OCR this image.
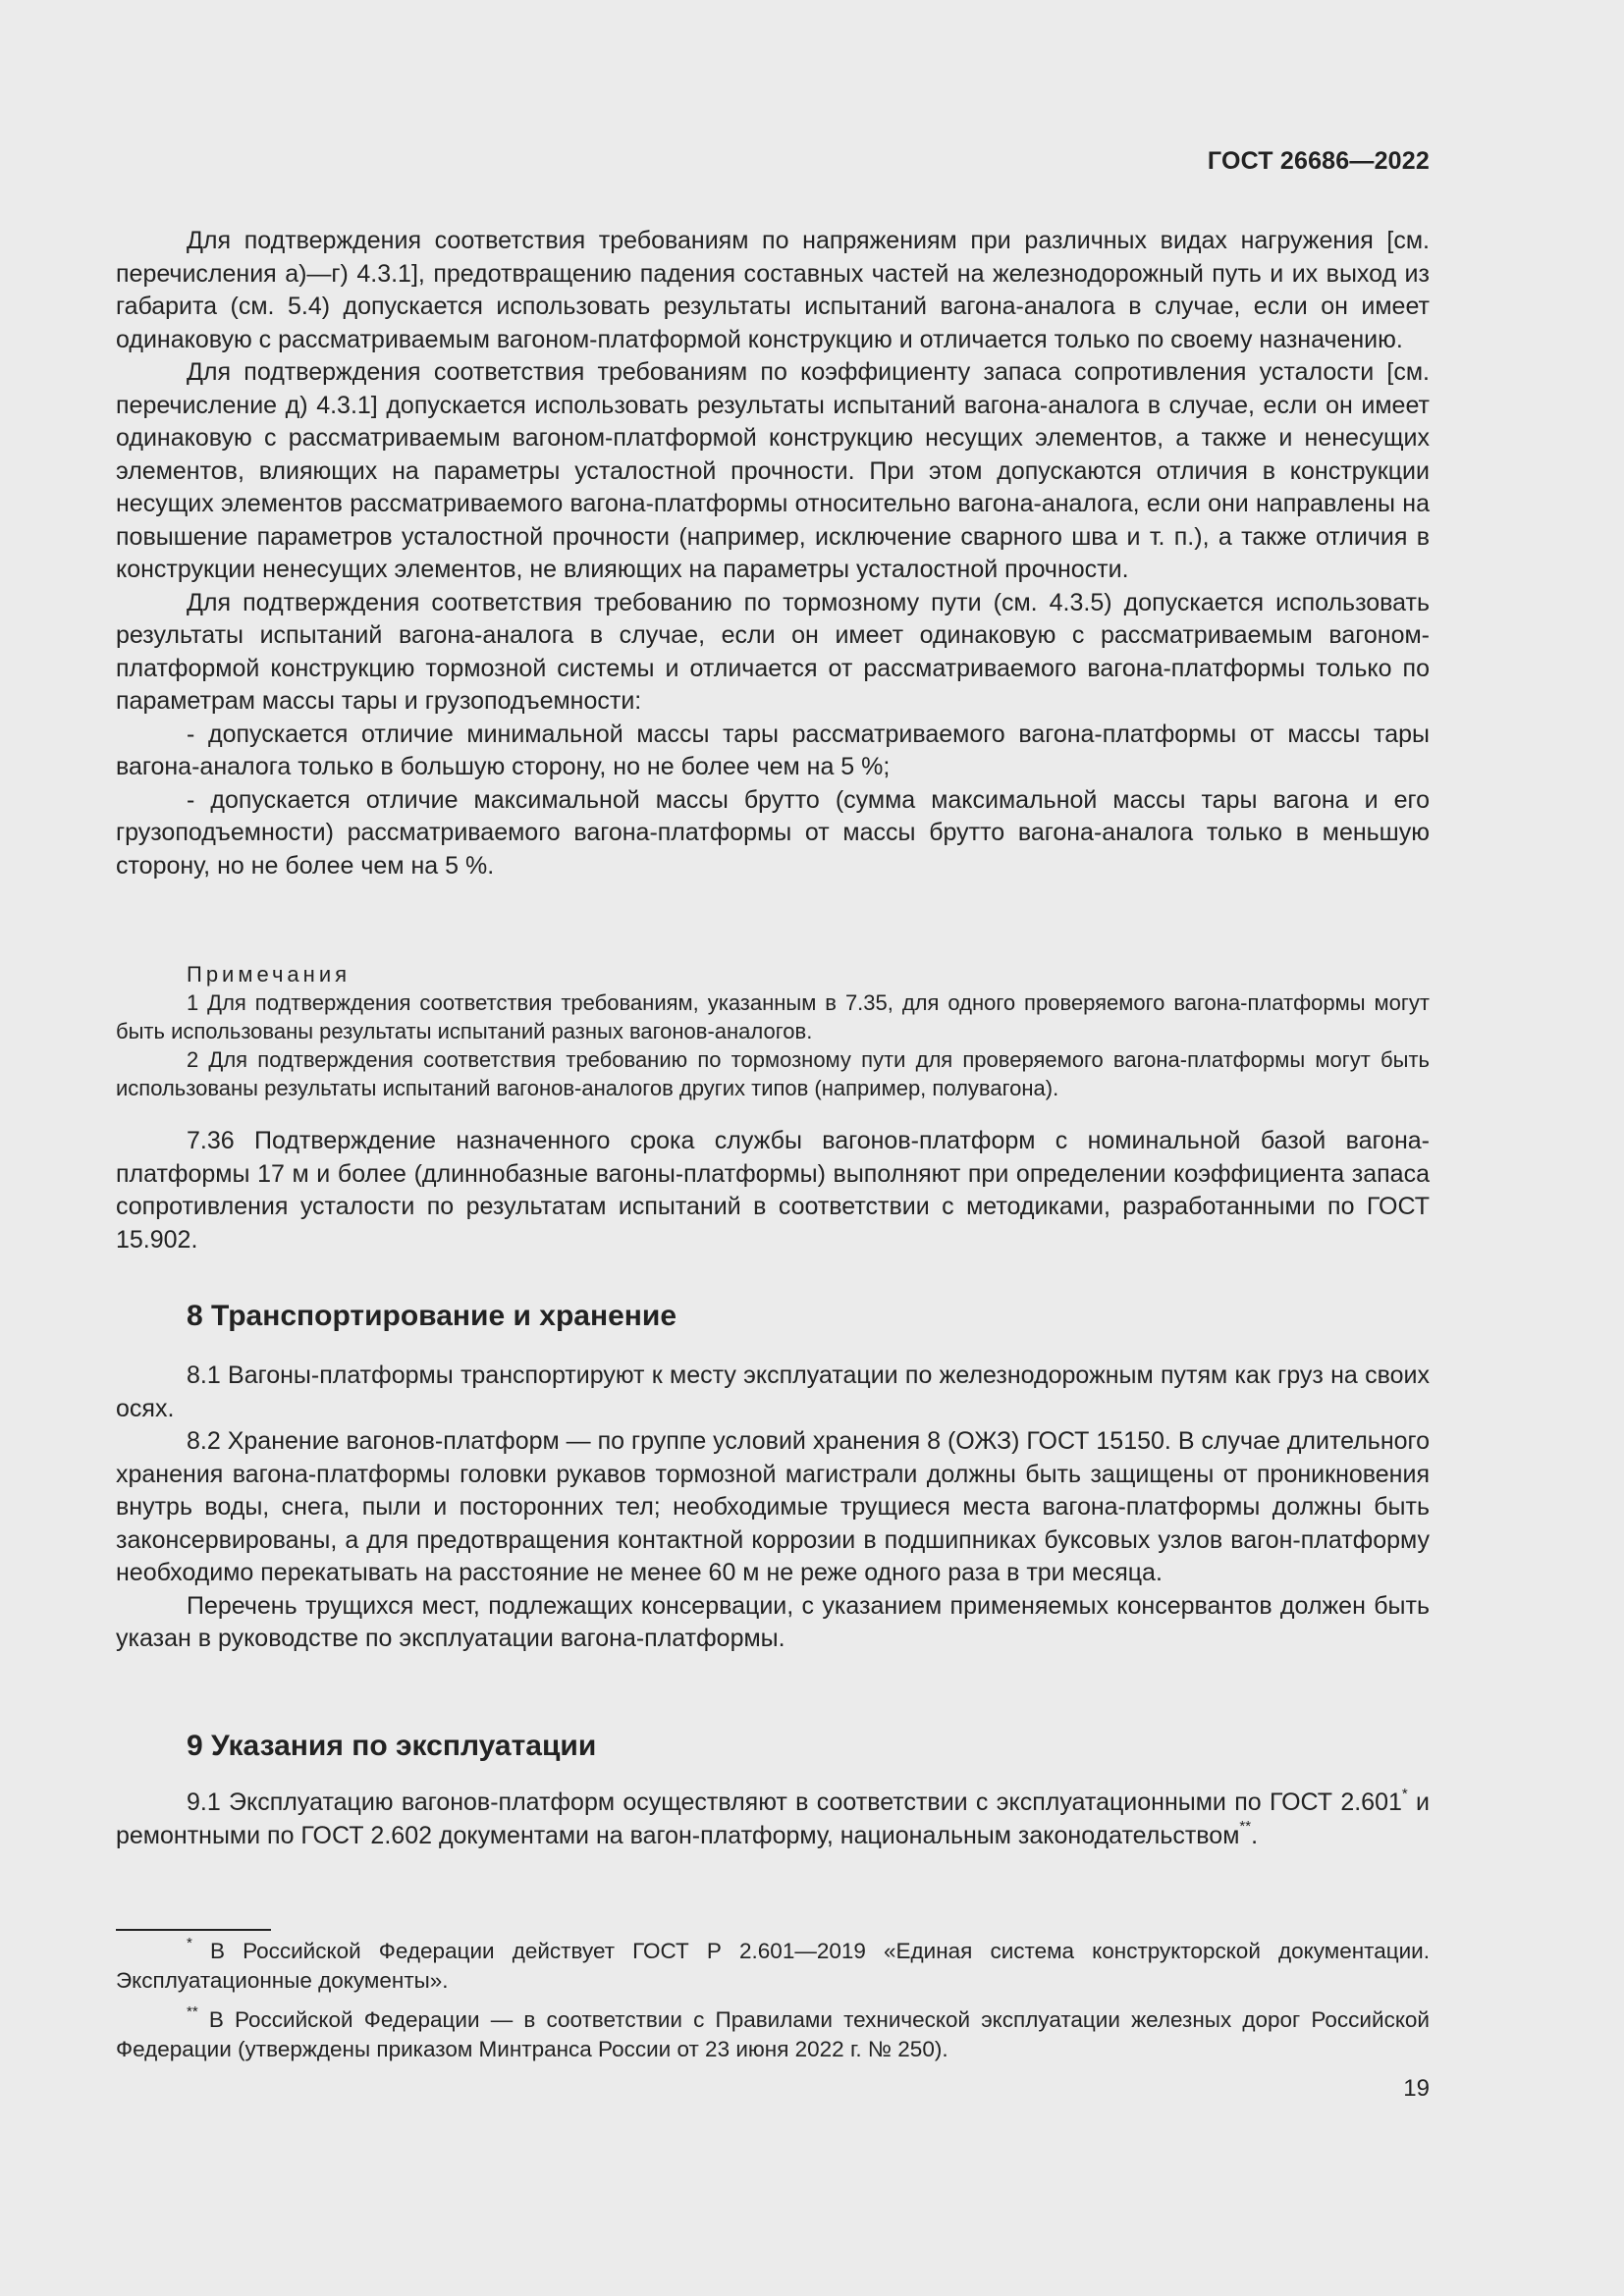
ГОСТ 26686—2022

Для подтверждения соответствия требованиям по напряжениям при различных видах нагружения [см. перечисления а)—г) 4.3.1], предотвращению падения составных частей на железнодорожный путь и их выход из габарита (см. 5.4) допускается использовать результаты испытаний вагона-аналога в случае, если он имеет одинаковую с рассматриваемым вагоном-платформой конструкцию и отличается только по своему назначению.

Для подтверждения соответствия требованиям по коэффициенту запаса сопротивления усталости [см. перечисление д) 4.3.1] допускается использовать результаты испытаний вагона-аналога в случае, если он имеет одинаковую с рассматриваемым вагоном-платформой конструкцию несущих элементов, а также и ненесущих элементов, влияющих на параметры усталостной прочности. При этом допускаются отличия в конструкции несущих элементов рассматриваемого вагона-платформы относительно вагона-аналога, если они направлены на повышение параметров усталостной прочности (например, исключение сварного шва и т. п.), а также отличия в конструкции ненесущих элементов, не влияющих на параметры усталостной прочности.

Для подтверждения соответствия требованию по тормозному пути (см. 4.3.5) допускается использовать результаты испытаний вагона-аналога в случае, если он имеет одинаковую с рассматриваемым вагоном-платформой конструкцию тормозной системы и отличается от рассматриваемого вагона-платформы только по параметрам массы тары и грузоподъемности:

- допускается отличие минимальной массы тары рассматриваемого вагона-платформы от массы тары вагона-аналога только в большую сторону, но не более чем на 5 %;

- допускается отличие максимальной массы брутто (сумма максимальной массы тары вагона и его грузоподъемности) рассматриваемого вагона-платформы от массы брутто вагона-аналога только в меньшую сторону, но не более чем на 5 %.

Примечания

1 Для подтверждения соответствия требованиям, указанным в 7.35, для одного проверяемого вагона-платформы могут быть использованы результаты испытаний разных вагонов-аналогов.

2 Для подтверждения соответствия требованию по тормозному пути для проверяемого вагона-платформы могут быть использованы результаты испытаний вагонов-аналогов других типов (например, полувагона).

7.36 Подтверждение назначенного срока службы вагонов-платформ с номинальной базой вагона-платформы 17 м и более (длиннобазные вагоны-платформы) выполняют при определении коэффициента запаса сопротивления усталости по результатам испытаний в соответствии с методиками, разработанными по ГОСТ 15.902.

8 Транспортирование и хранение

8.1 Вагоны-платформы транспортируют к месту эксплуатации по железнодорожным путям как груз на своих осях.

8.2 Хранение вагонов-платформ — по группе условий хранения 8 (ОЖЗ) ГОСТ 15150. В случае длительного хранения вагона-платформы головки рукавов тормозной магистрали должны быть защищены от проникновения внутрь воды, снега, пыли и посторонних тел; необходимые трущиеся места вагона-платформы должны быть законсервированы, а для предотвращения контактной коррозии в подшипниках буксовых узлов вагон-платформу необходимо перекатывать на расстояние не менее 60 м не реже одного раза в три месяца.

Перечень трущихся мест, подлежащих консервации, с указанием применяемых консервантов должен быть указан в руководстве по эксплуатации вагона-платформы.

9 Указания по эксплуатации

9.1 Эксплуатацию вагонов-платформ осуществляют в соответствии с эксплуатационными по ГОСТ 2.601* и ремонтными по ГОСТ 2.602 документами на вагон-платформу, национальным законодательством**.

* В Российской Федерации действует ГОСТ Р 2.601—2019 «Единая система конструкторской документации. Эксплуатационные документы».

** В Российской Федерации — в соответствии с Правилами технической эксплуатации железных дорог Российской Федерации (утверждены приказом Минтранса России от 23 июня 2022 г. № 250).

19
